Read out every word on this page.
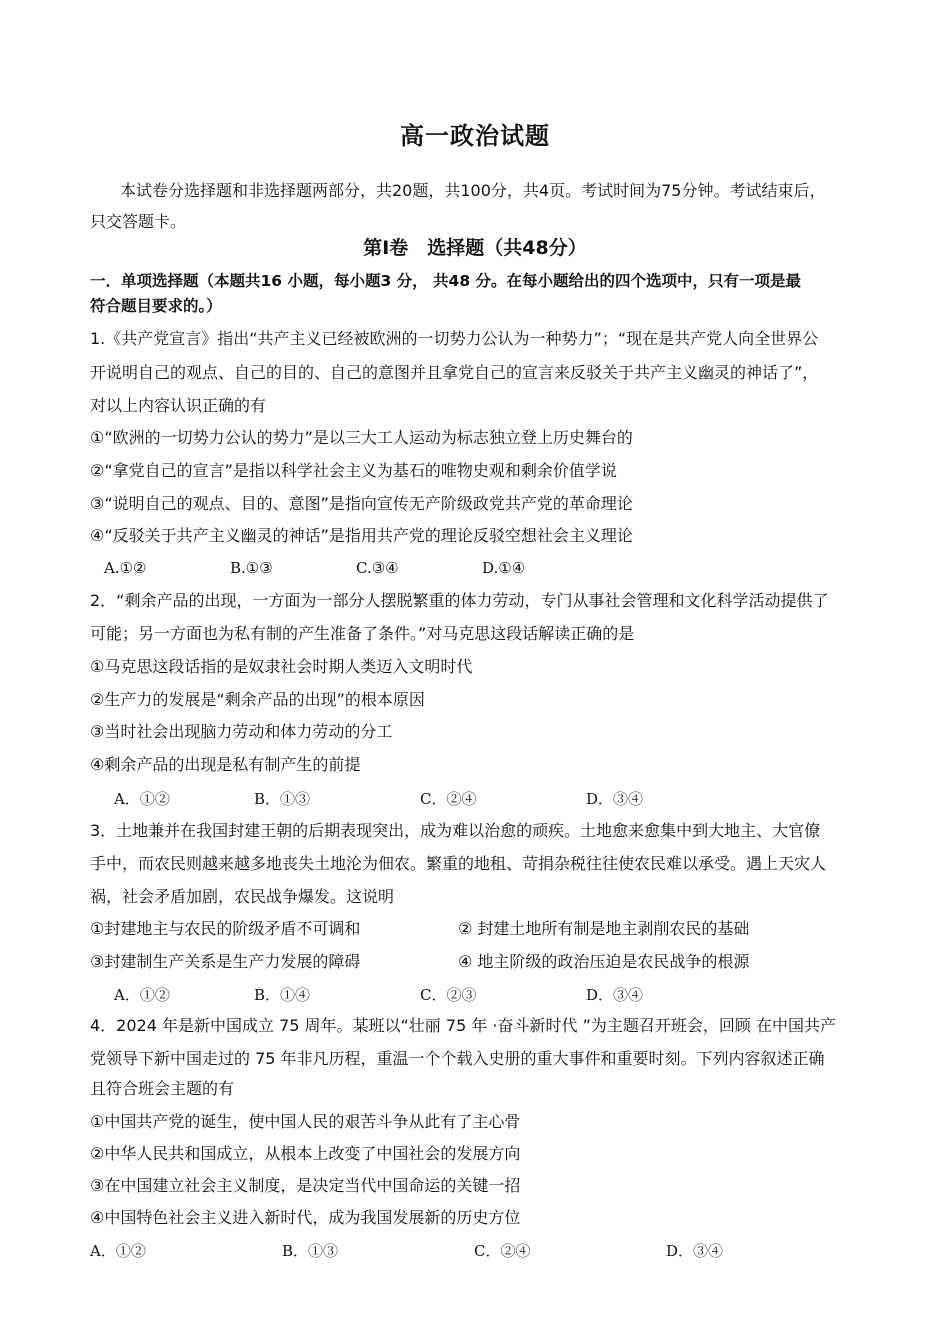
高一政治试题
本试卷分选择题和非选择题两部分，共20题，共100分，共4页。考试时间为75分钟。考试结束后，
只交答题卡。
第Ⅰ卷　选择题（共48分）
一．单项选择题（本题共16 小题，每小题3 分， 共48 分。在每小题给出的四个选项中，只有一项是最
符合题目要求的。）
1.《共产党宣言》指出“共产主义已经被欧洲的一切势力公认为一种势力”；“现在是共产党人向全世界公
开说明自己的观点、自己的目的、自己的意图并且拿党自己的宣言来反驳关于共产主义幽灵的神话了”，
对以上内容认识正确的有
①“欧洲的一切势力公认的势力”是以三大工人运动为标志独立登上历史舞台的
②“拿党自己的宣言”是指以科学社会主义为基石的唯物史观和剩余价值学说
③“说明自己的观点、目的、意图”是指向宣传无产阶级政党共产党的革命理论
④“反驳关于共产主义幽灵的神话”是指用共产党的理论反驳空想社会主义理论
A.①②	B.①③	C.③④	D.①④
2．“剩余产品的出现，一方面为一部分人摆脱繁重的体力劳动，专门从事社会管理和文化科学活动提供了
可能；另一方面也为私有制的产生准备了条件。”对马克思这段话解读正确的是
①马克思这段话指的是奴隶社会时期人类迈入文明时代
②生产力的发展是“剩余产品的出现”的根本原因
③当时社会出现脑力劳动和体力劳动的分工
④剩余产品的出现是私有制产生的前提
A．①②	B．①③	C．②④	D．③④
3．土地兼并在我国封建王朝的后期表现突出，成为难以治愈的顽疾。土地愈来愈集中到大地主、大官僚
手中，而农民则越来越多地丧失土地沦为佃农。繁重的地租、苛捐杂税往往使农民难以承受。遇上天灾人
祸，社会矛盾加剧，农民战争爆发。这说明
①封建地主与农民的阶级矛盾不可调和	② 封建土地所有制是地主剥削农民的基础
③封建制生产关系是生产力发展的障碍	④ 地主阶级的政治压迫是农民战争的根源
A．①②	B．①④	C．②③	D．③④
4．2024 年是新中国成立 75 周年。某班以“壮丽 75 年 ·奋斗新时代 ”为主题召开班会，回顾 在中国共产
党领导下新中国走过的 75 年非凡历程，重温一个个载入史册的重大事件和重要时刻。下列内容叙述正确
且符合班会主题的有
①中国共产党的诞生，使中国人民的艰苦斗争从此有了主心骨
②中华人民共和国成立，从根本上改变了中国社会的发展方向
③在中国建立社会主义制度，是决定当代中国命运的关键一招
④中国特色社会主义进入新时代，成为我国发展新的历史方位
A．①②	B．①③	C．②④	D．③④
